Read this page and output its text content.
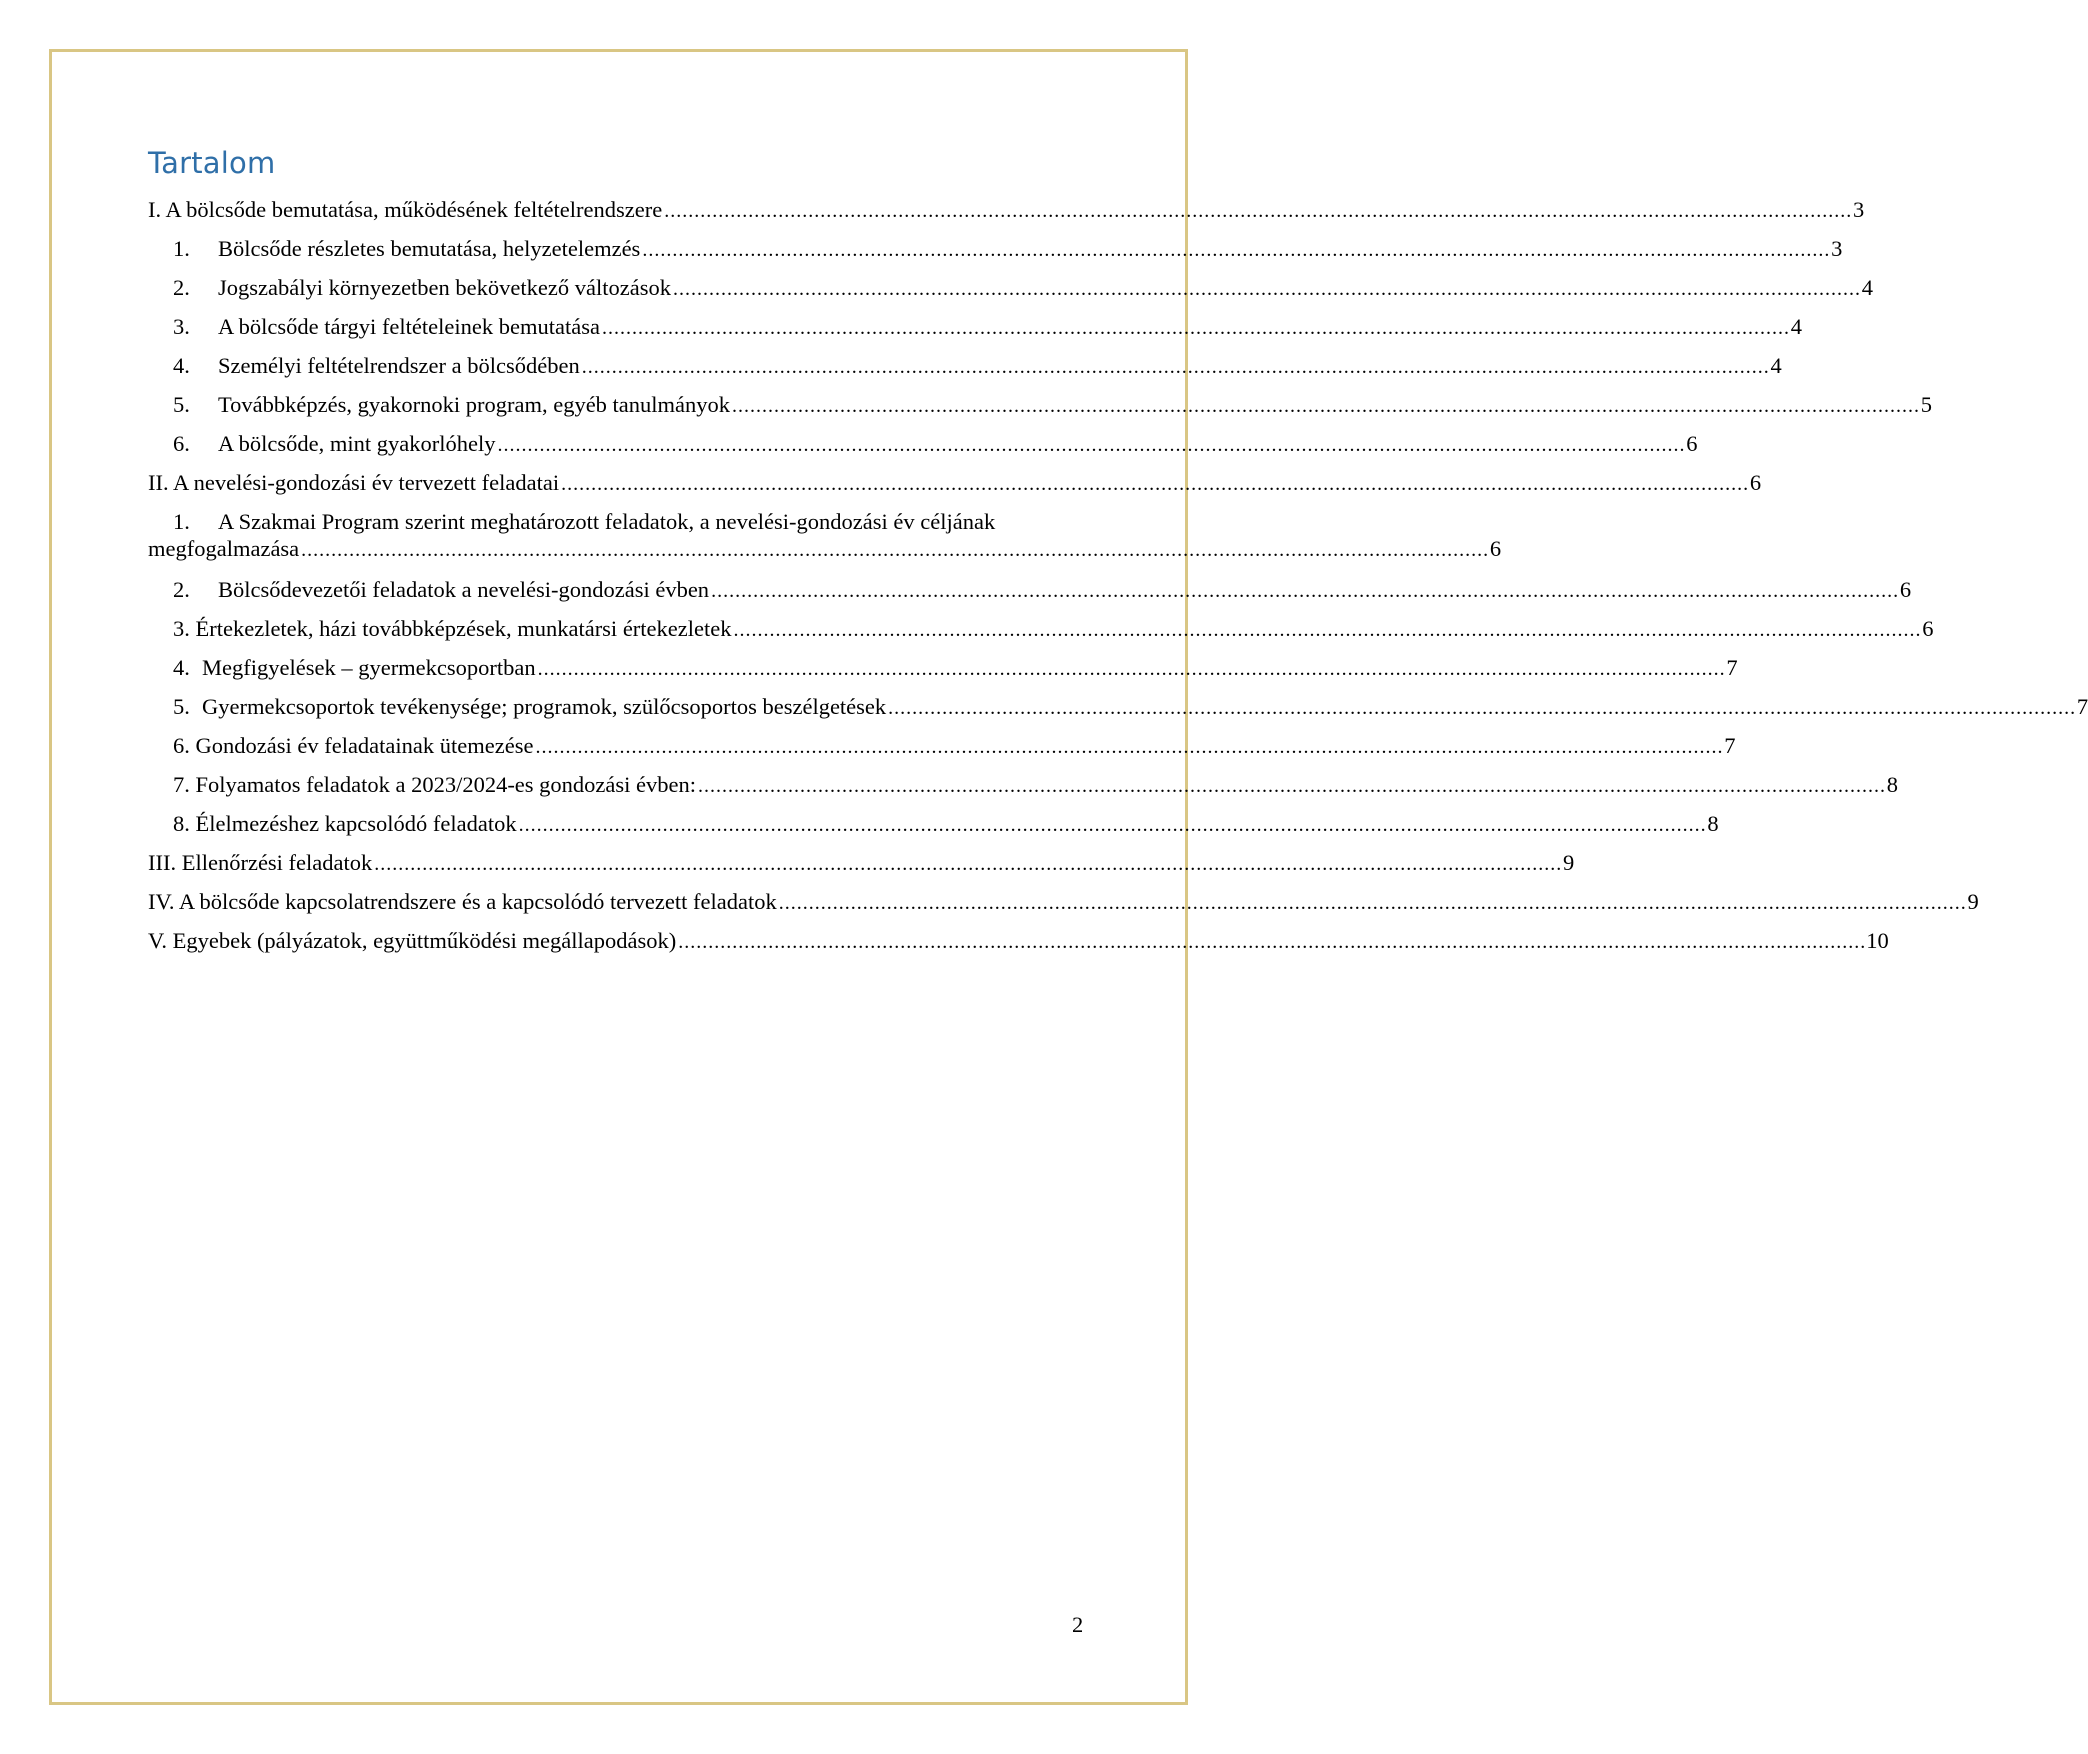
Tartalom
I. A bölcsőde bemutatása, működésének feltételrendszere . . .	3
1.	Bölcsőde részletes bemutatása, helyzetelemzés . . .	3
2.	Jogszabályi környezetben bekövetkező változások . . .	4
3.	A bölcsőde tárgyi feltételeinek bemutatása . . .	4
4.	Személyi feltételrendszer a bölcsődében . . .	4
5.	Továbbképzés, gyakornoki program, egyéb tanulmányok . . .	5
6.	A bölcsőde, mint gyakorlóhely . . .	6
II. A nevelési-gondozási év tervezett feladatai . . .	6
1. A Szakmai Program szerint meghatározott feladatok, a nevelési-gondozási év céljának
megfogalmazása . . .	6
2.	Bölcsődevezetői feladatok a nevelési-gondozási évben . . .	6
3. Értekezletek, házi továbbképzések, munkatársi értekezletek . . .	6
4. Megfigyelések – gyermekcsoportban . . .	7
5. Gyermekcsoportok tevékenysége; programok, szülőcsoportos beszélgetések . . .	7
6. Gondozási év feladatainak ütemezése . . .	7
7. Folyamatos feladatok a 2023/2024-es gondozási évben: . . .	8
8. Élelmezéshez kapcsolódó feladatok . . .	8
III. Ellenőrzési feladatok . . .	9
IV. A bölcsőde kapcsolatrendszere és a kapcsolódó tervezett feladatok . . .	9
V. Egyebek (pályázatok, együttműködési megállapodások) . . .	10
2
